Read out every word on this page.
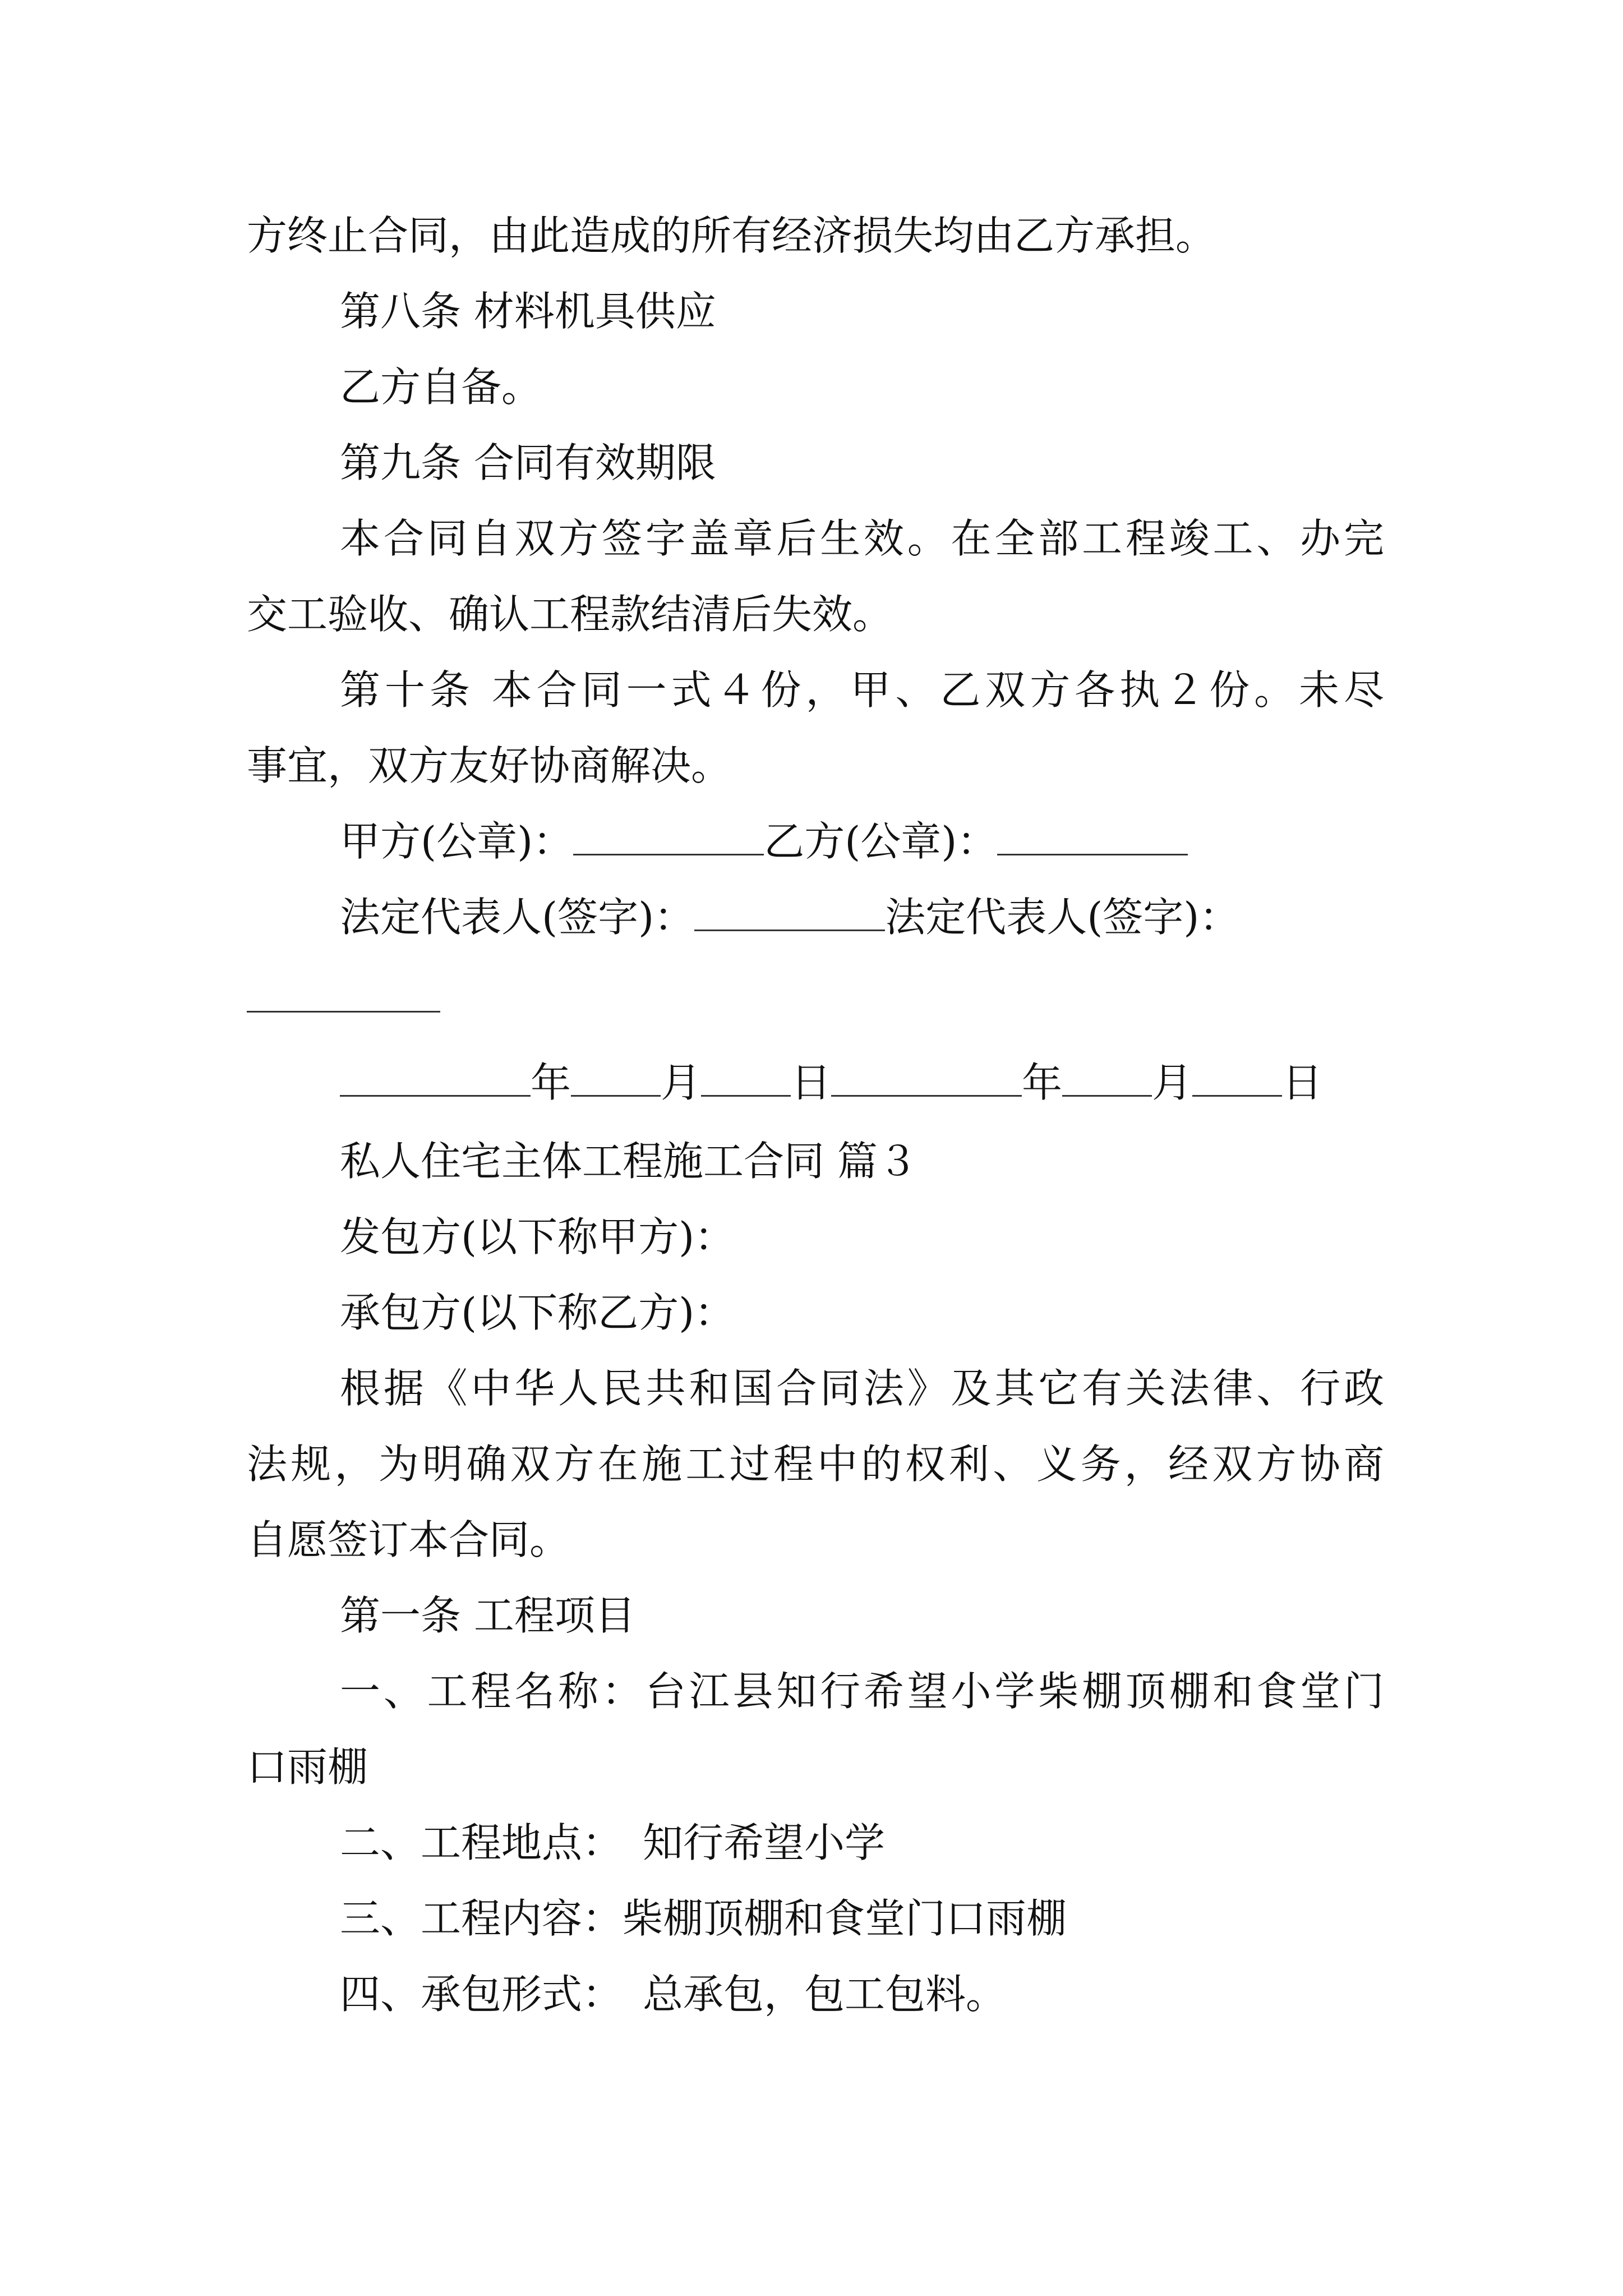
方终止合同，由此造成的所有经济损失均由乙方承担。
第八条 材料机具供应
乙方自备。
第九条 合同有效期限
本合同自双方签字盖章后生效。在全部工程竣工、办完
交工验收、确认工程款结清后失效。
第十条 本合同一式４份，甲、乙双方各执２份。未尽
事宜，双方友好协商解决。
甲方(公章)：	乙方(公章)：
法定代表人(签字)：	法定代表人(签字)：
年 月 日	年 月 日
私人住宅主体工程施工合同 篇３
发包方(以下称甲方)：
承包方(以下称乙方)：
根据《中华人民共和国合同法》及其它有关法律、行政
法规，为明确双方在施工过程中的权利、义务，经双方协商
自愿签订本合同。
第一条 工程项目
一、工程名称：台江县知行希望小学柴棚顶棚和食堂门
口雨棚
二、工程地点：　知行希望小学
三、工程内容：柴棚顶棚和食堂门口雨棚
四、承包形式：　总承包，包工包料。
